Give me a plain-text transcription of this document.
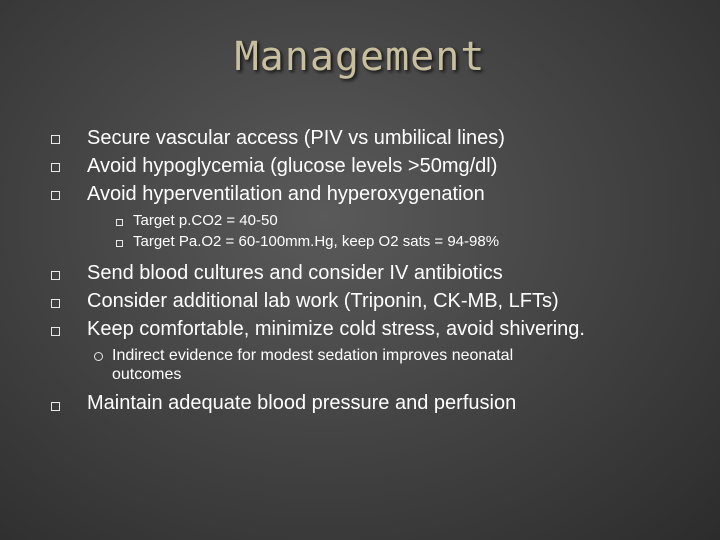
Management
Secure vascular access (PIV vs umbilical lines)
Avoid hypoglycemia (glucose levels >50mg/dl)
Avoid hyperventilation and hyperoxygenation
Target p.CO2 = 40-50
Target Pa.O2 = 60-100mm.Hg, keep O2 sats = 94-98%
Send blood cultures and consider IV antibiotics
Consider additional lab work (Triponin, CK-MB, LFTs)
Keep comfortable, minimize cold stress, avoid shivering.
Indirect evidence for modest sedation improves neonatal
outcomes
Maintain adequate blood pressure and perfusion
